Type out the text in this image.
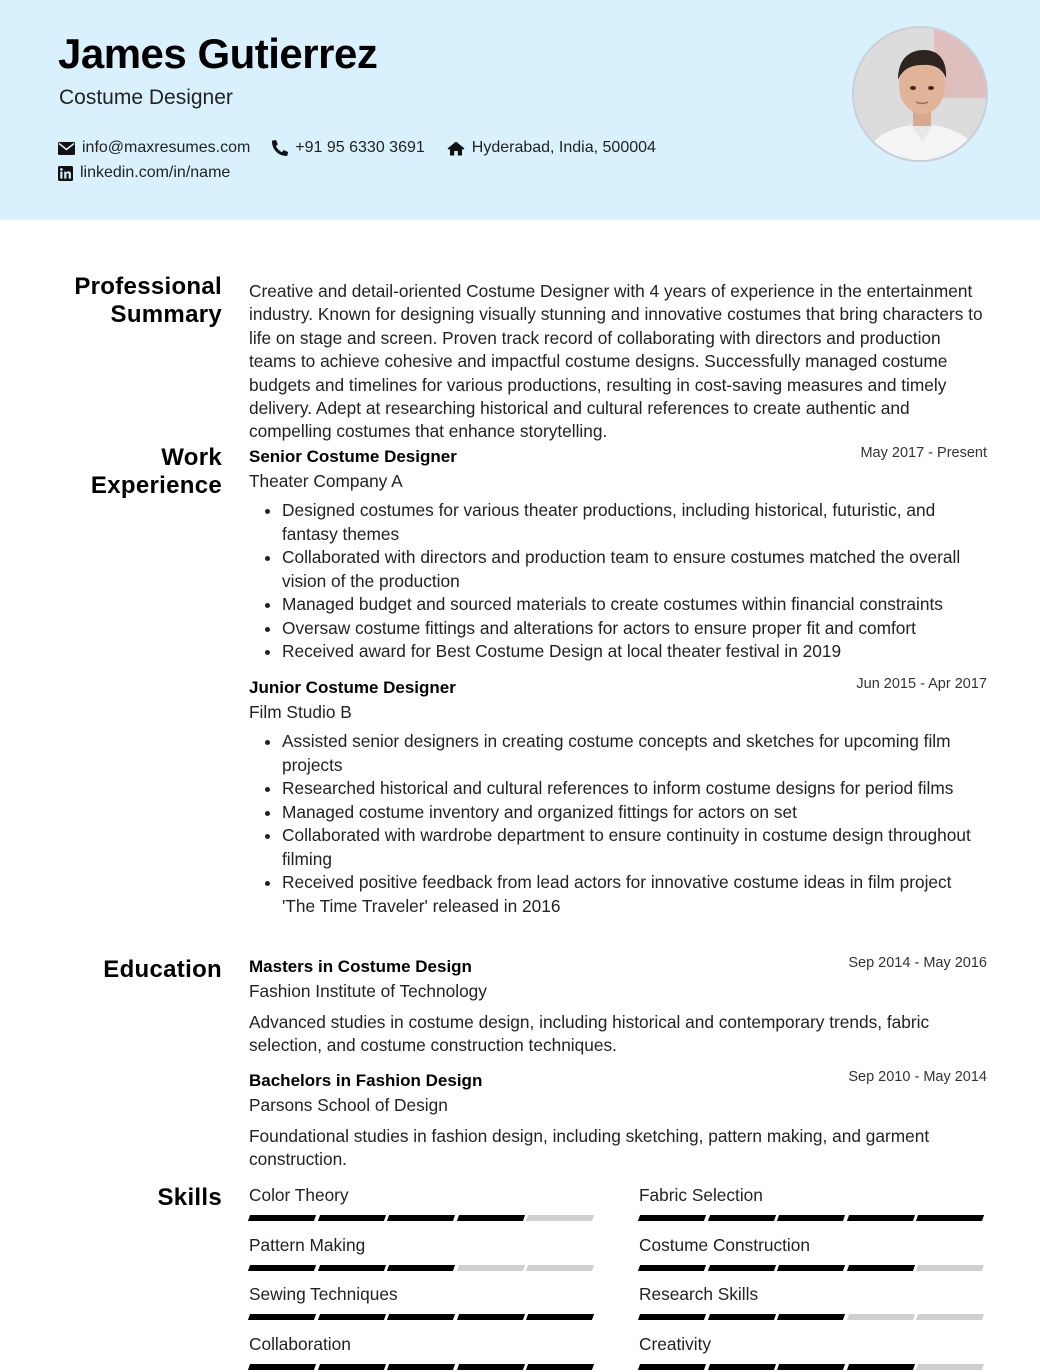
James Gutierrez
Costume Designer
info@maxresumes.com	+91 95 6330 3691	Hyderabad, India, 500004
linkedin.com/in/name
Professional
Summary
Creative and detail-oriented Costume Designer with 4 years of experience in the entertainment industry. Known for designing visually stunning and innovative costumes that bring characters to life on stage and screen. Proven track record of collaborating with directors and production teams to achieve cohesive and impactful costume designs. Successfully managed costume budgets and timelines for various productions, resulting in cost-saving measures and timely delivery. Adept at researching historical and cultural references to create authentic and compelling costumes that enhance storytelling.
Work
Experience
Senior Costume Designer	May 2017 - Present
Theater Company A
• Designed costumes for various theater productions, including historical, futuristic, and fantasy themes
• Collaborated with directors and production team to ensure costumes matched the overall vision of the production
• Managed budget and sourced materials to create costumes within financial constraints
• Oversaw costume fittings and alterations for actors to ensure proper fit and comfort
• Received award for Best Costume Design at local theater festival in 2019
Junior Costume Designer	Jun 2015 - Apr 2017
Film Studio B
• Assisted senior designers in creating costume concepts and sketches for upcoming film projects
• Researched historical and cultural references to inform costume designs for period films
• Managed costume inventory and organized fittings for actors on set
• Collaborated with wardrobe department to ensure continuity in costume design throughout filming
• Received positive feedback from lead actors for innovative costume ideas in film project 'The Time Traveler' released in 2016
Education Masters in Costume Design	Sep 2014 - May 2016
Fashion Institute of Technology
Advanced studies in costume design, including historical and contemporary trends, fabric selection, and costume construction techniques.
Bachelors in Fashion Design	Sep 2010 - May 2014
Parsons School of Design
Foundational studies in fashion design, including sketching, pattern making, and garment construction.
Skills Color Theory	Fabric Selection
Pattern Making	Costume Construction
Sewing Techniques	Research Skills
Collaboration	Creativity
